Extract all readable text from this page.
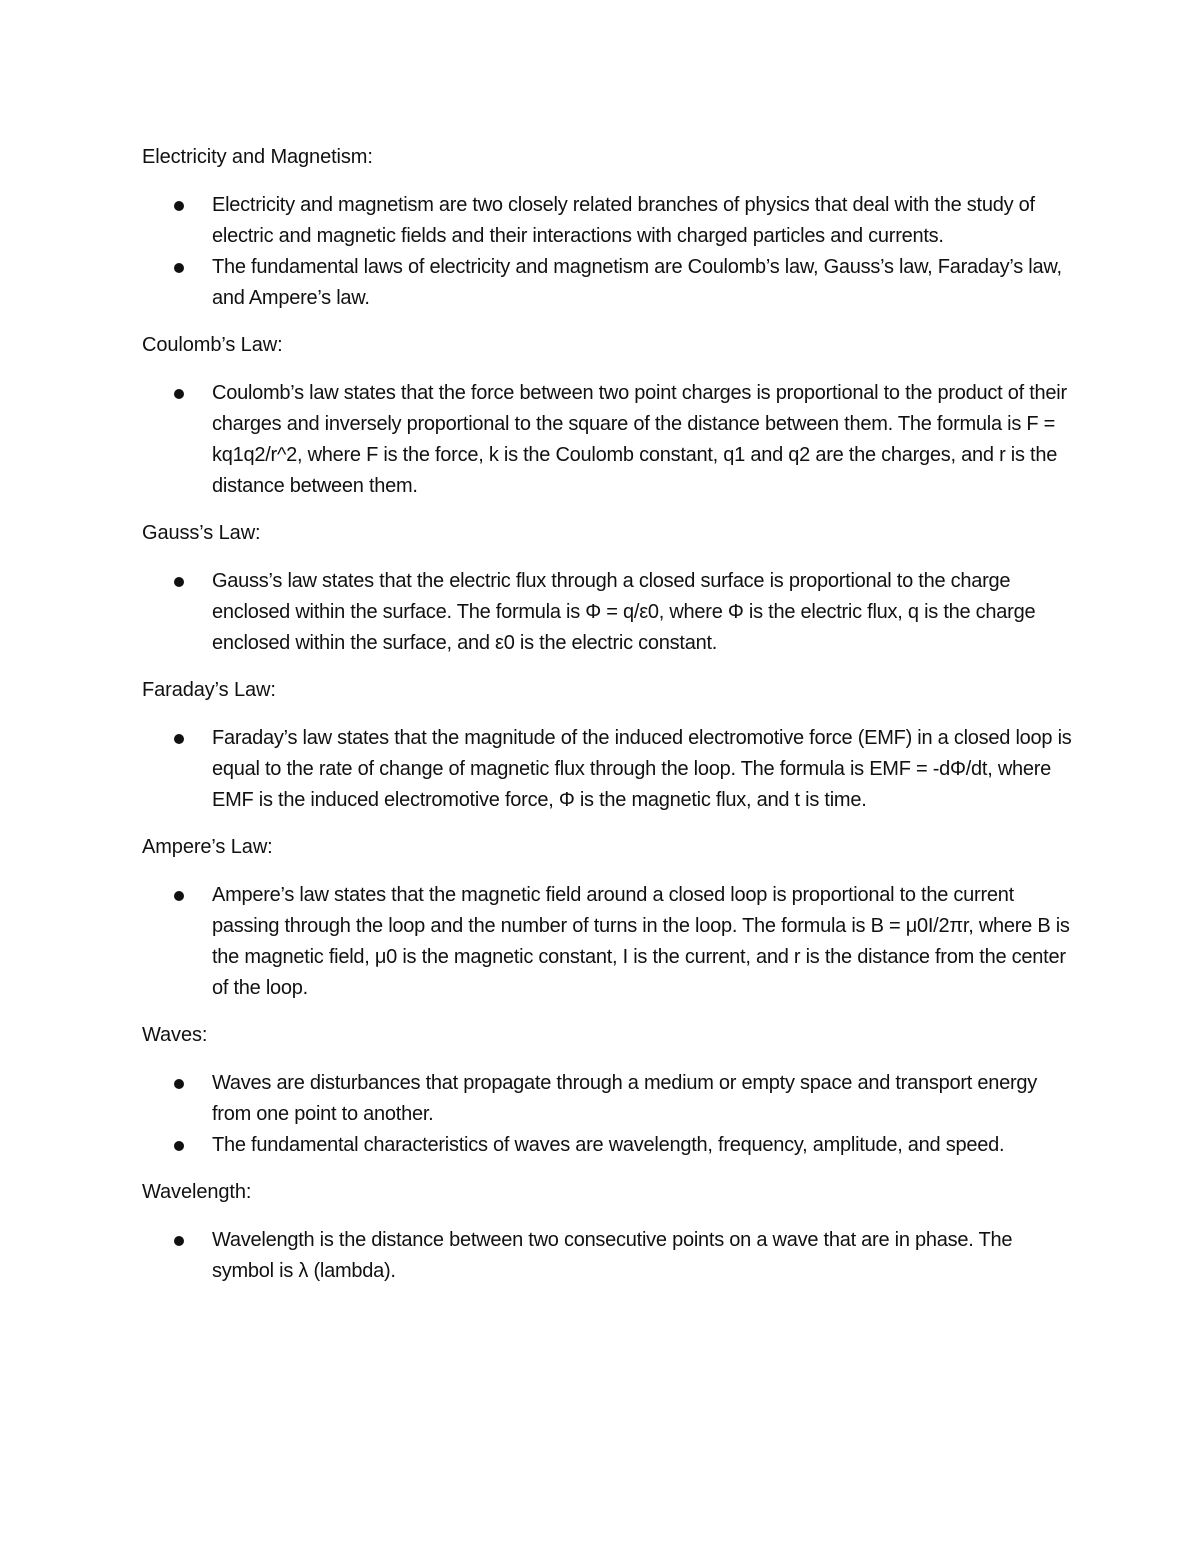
Electricity and Magnetism:
Electricity and magnetism are two closely related branches of physics that deal with the study of electric and magnetic fields and their interactions with charged particles and currents.
The fundamental laws of electricity and magnetism are Coulomb’s law, Gauss’s law, Faraday’s law, and Ampere’s law.
Coulomb’s Law:
Coulomb’s law states that the force between two point charges is proportional to the product of their charges and inversely proportional to the square of the distance between them. The formula is F = kq1q2/r^2, where F is the force, k is the Coulomb constant, q1 and q2 are the charges, and r is the distance between them.
Gauss’s Law:
Gauss’s law states that the electric flux through a closed surface is proportional to the charge enclosed within the surface. The formula is Φ = q/ε0, where Φ is the electric flux, q is the charge enclosed within the surface, and ε0 is the electric constant.
Faraday’s Law:
Faraday’s law states that the magnitude of the induced electromotive force (EMF) in a closed loop is equal to the rate of change of magnetic flux through the loop. The formula is EMF = -dΦ/dt, where EMF is the induced electromotive force, Φ is the magnetic flux, and t is time.
Ampere’s Law:
Ampere’s law states that the magnetic field around a closed loop is proportional to the current passing through the loop and the number of turns in the loop. The formula is B = μ0I/2πr, where B is the magnetic field, μ0 is the magnetic constant, I is the current, and r is the distance from the center of the loop.
Waves:
Waves are disturbances that propagate through a medium or empty space and transport energy from one point to another.
The fundamental characteristics of waves are wavelength, frequency, amplitude, and speed.
Wavelength:
Wavelength is the distance between two consecutive points on a wave that are in phase. The symbol is λ (lambda).
